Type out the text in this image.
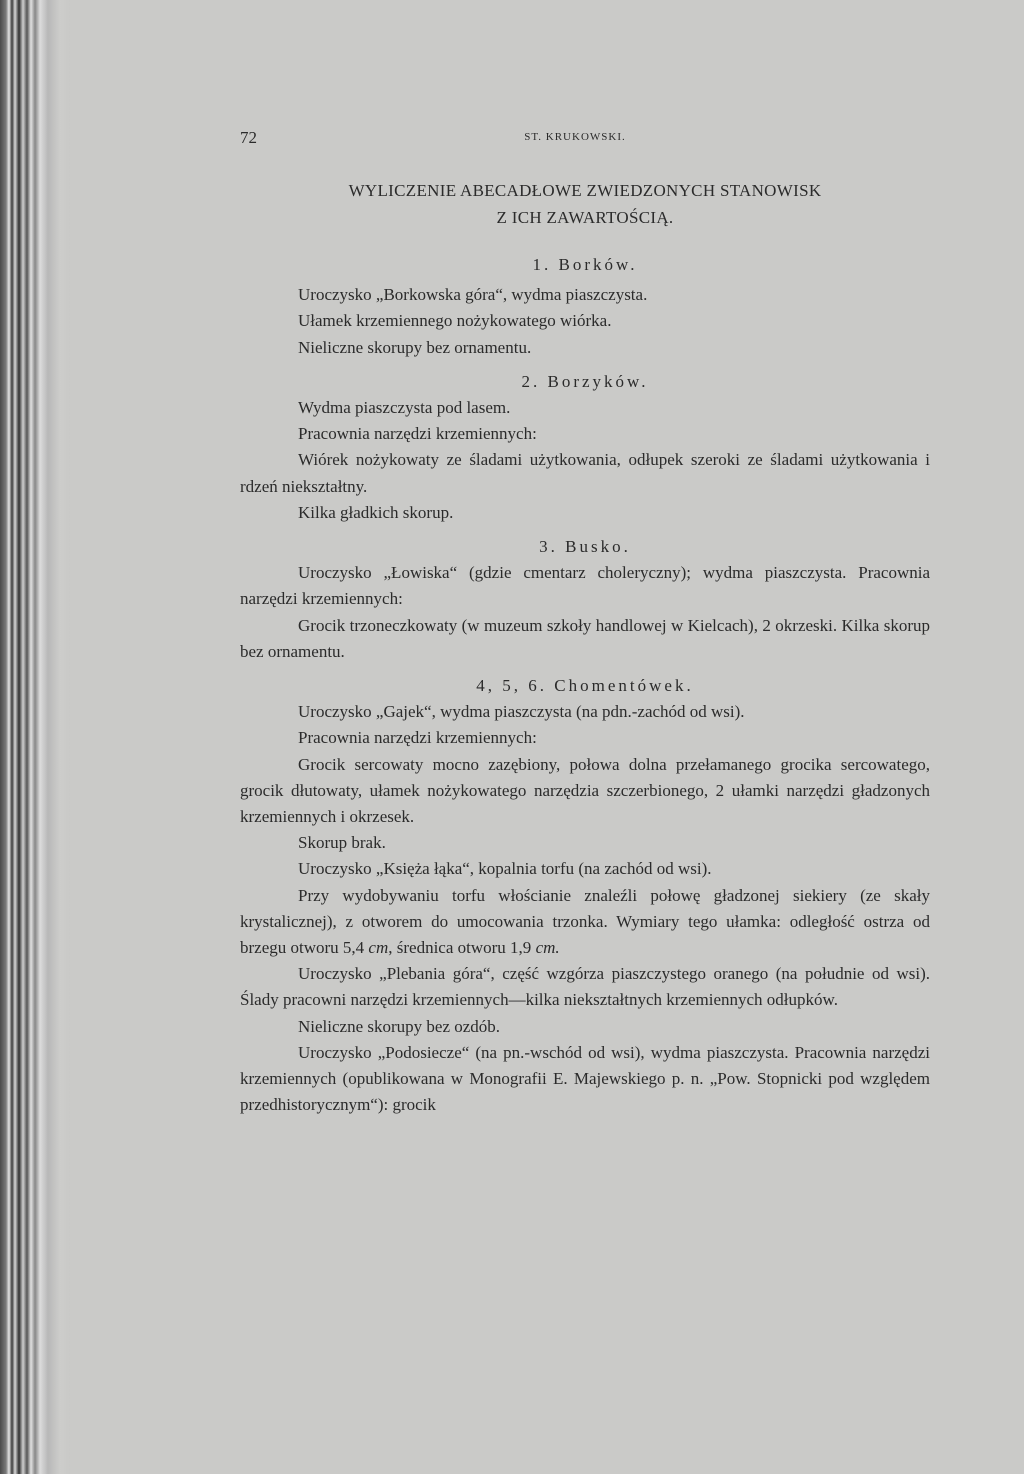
72	ST. KRUKOWSKI.
WYLICZENIE ABECADŁOWE ZWIEDZONYCH STANOWISK
Z ICH ZAWARTOŚCIĄ.

1. Borków.

Uroczysko „Borkowska góra“, wydma piaszczysta.

Ułamek krzemiennego nożykowatego wiórka.

Nieliczne skorupy bez ornamentu.

2. Borzyków.

Wydma piaszczysta pod lasem.

Pracownia narzędzi krzemiennych:

Wiórek nożykowaty ze śladami użytkowania, odłupek szeroki ze śladami użytkowania i rdzeń niekształtny.

Kilka gładkich skorup.

3. Busko.

Uroczysko „Łowiska“ (gdzie cmentarz choleryczny); wydma piaszczysta. Pracownia narzędzi krzemiennych:

Grocik trzoneczkowaty (w muzeum szkoły handlowej w Kielcach), 2 okrzeski. Kilka skorup bez ornamentu.

4, 5, 6. Chomentówek.

Uroczysko „Gajek“, wydma piaszczysta (na pdn.-zachód od wsi).

Pracownia narzędzi krzemiennych:

Grocik sercowaty mocno zazębiony, połowa dolna przełamanego grocika sercowatego, grocik dłutowaty, ułamek nożykowatego narzędzia szczerbionego, 2 ułamki narzędzi gładzonych krzemiennych i okrzesek.

Skorup brak.

Uroczysko „Księża łąka“, kopalnia torfu (na zachód od wsi).

Przy wydobywaniu torfu włościanie znaleźli połowę gładzonej siekiery (ze skały krystalicznej), z otworem do umocowania trzonka. Wymiary tego ułamka: odległość ostrza od brzegu otworu 5,4 cm, średnica otworu 1,9 cm.

Uroczysko „Plebania góra“, część wzgórza piaszczystego oranego (na południe od wsi). Ślady pracowni narzędzi krzemiennych—kilka niekształtnych krzemiennych odłupków.

Nieliczne skorupy bez ozdób.

Uroczysko „Podosiecze“ (na pn.-wschód od wsi), wydma piaszczysta. Pracownia narzędzi krzemiennych (opublikowana w Monografii E. Majewskiego p. n. „Pow. Stopnicki pod względem przedhistorycznym“): grocik
